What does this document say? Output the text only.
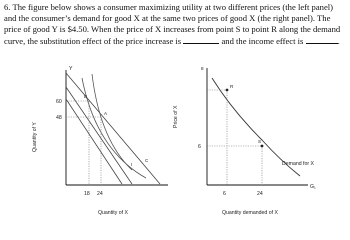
6. The figure below shows a consumer maximizing utility at two different prices (the left panel) and the consumer’s demand for good X at the same two prices of good X (the right panel). The price of good Y is $4.50. When the price of X increases from point S to point R along the demand curve, the substitution effect of the price increase is	and the income effect is	.

Y
60
48
18 24
B
A
C
I
Quantity of X
Quantity of Y
8
6
R
S
6	24
Demand for X
G₁
Quantity demanded of X
Price of X
